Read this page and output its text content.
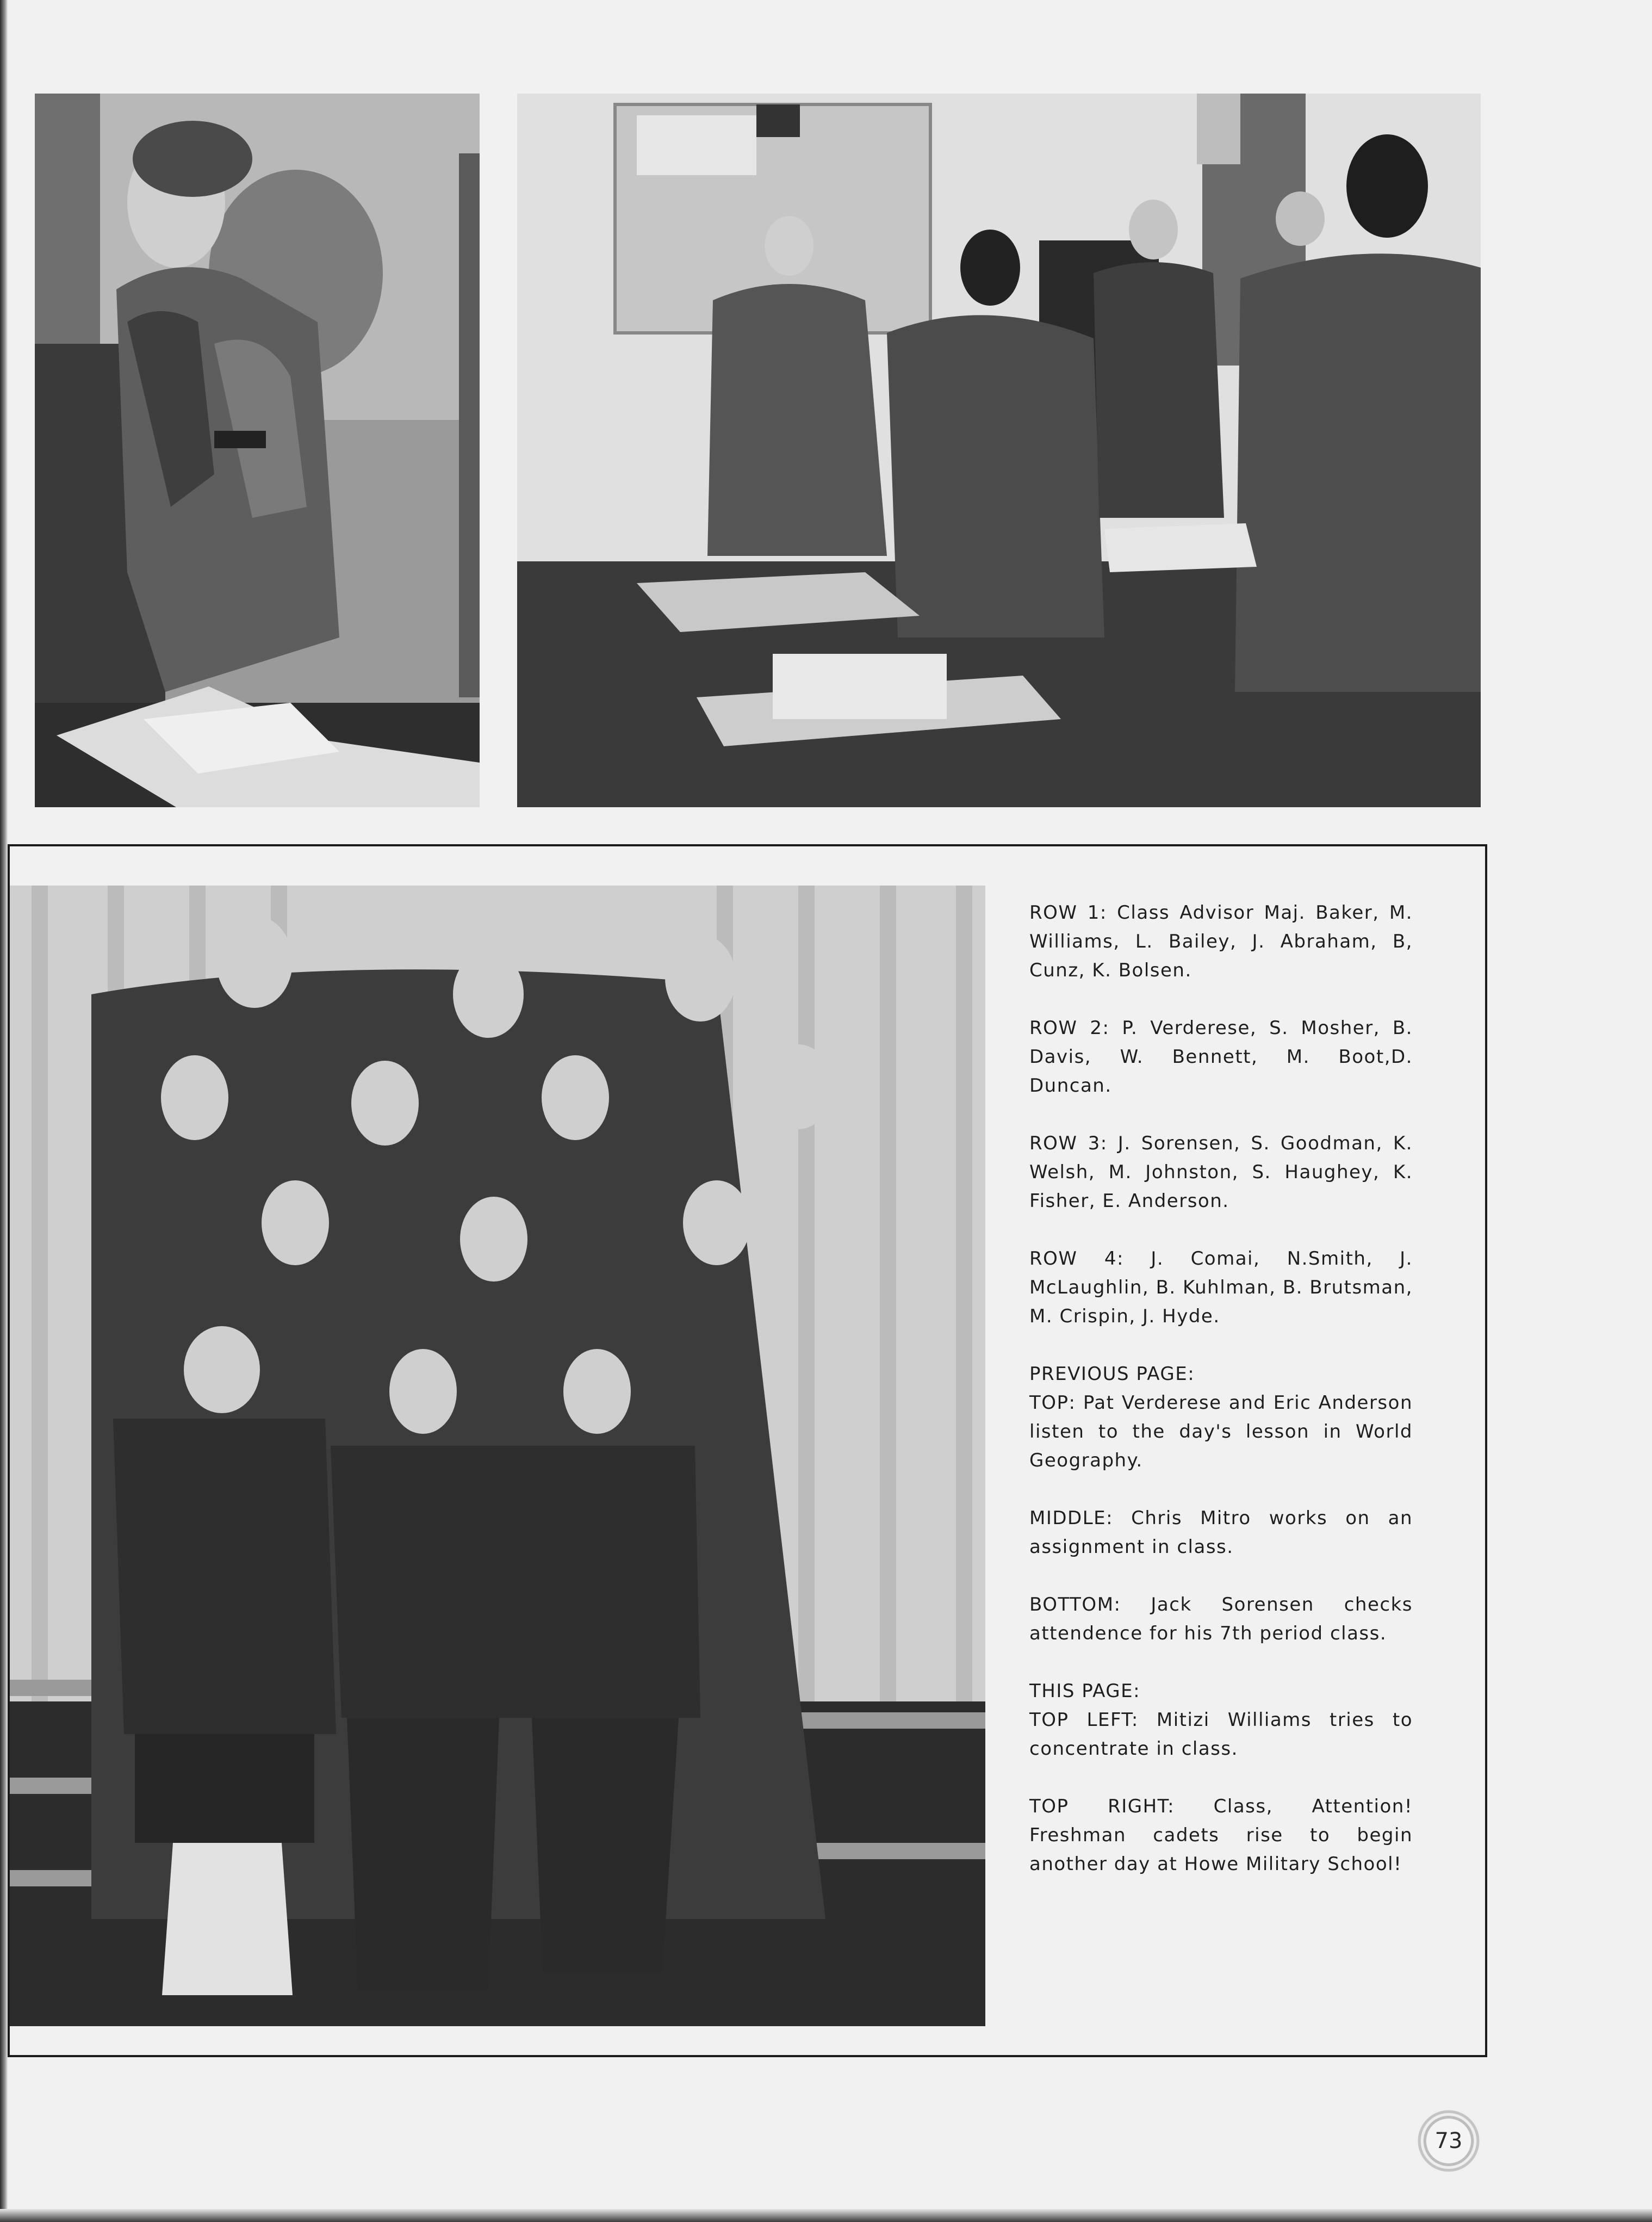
ROW 1: Class Advisor Maj. Baker, M. Williams, L. Bailey, J. Abraham, B, Cunz, K. Bolsen.

ROW 2: P. Verderese, S. Mosher, B. Davis, W. Bennett, M. Boot,D. Duncan.

ROW 3: J. Sorensen, S. Goodman, K. Welsh, M. Johnston, S. Haughey, K. Fisher, E. Anderson.

ROW 4: J. Comai, N.Smith, J. McLaughlin, B. Kuhlman, B. Brutsman, M. Crispin, J. Hyde.

PREVIOUS PAGE:

TOP: Pat Verderese and Eric Anderson listen to the day's lesson in World Geography.

MIDDLE: Chris Mitro works on an assignment in class.

BOTTOM: Jack Sorensen checks attendence for his 7th period class.

THIS PAGE:

TOP LEFT: Mitizi Williams tries to concentrate in class.

TOP RIGHT: Class, Attention! Freshman cadets rise to begin another day at Howe Military School!

73
